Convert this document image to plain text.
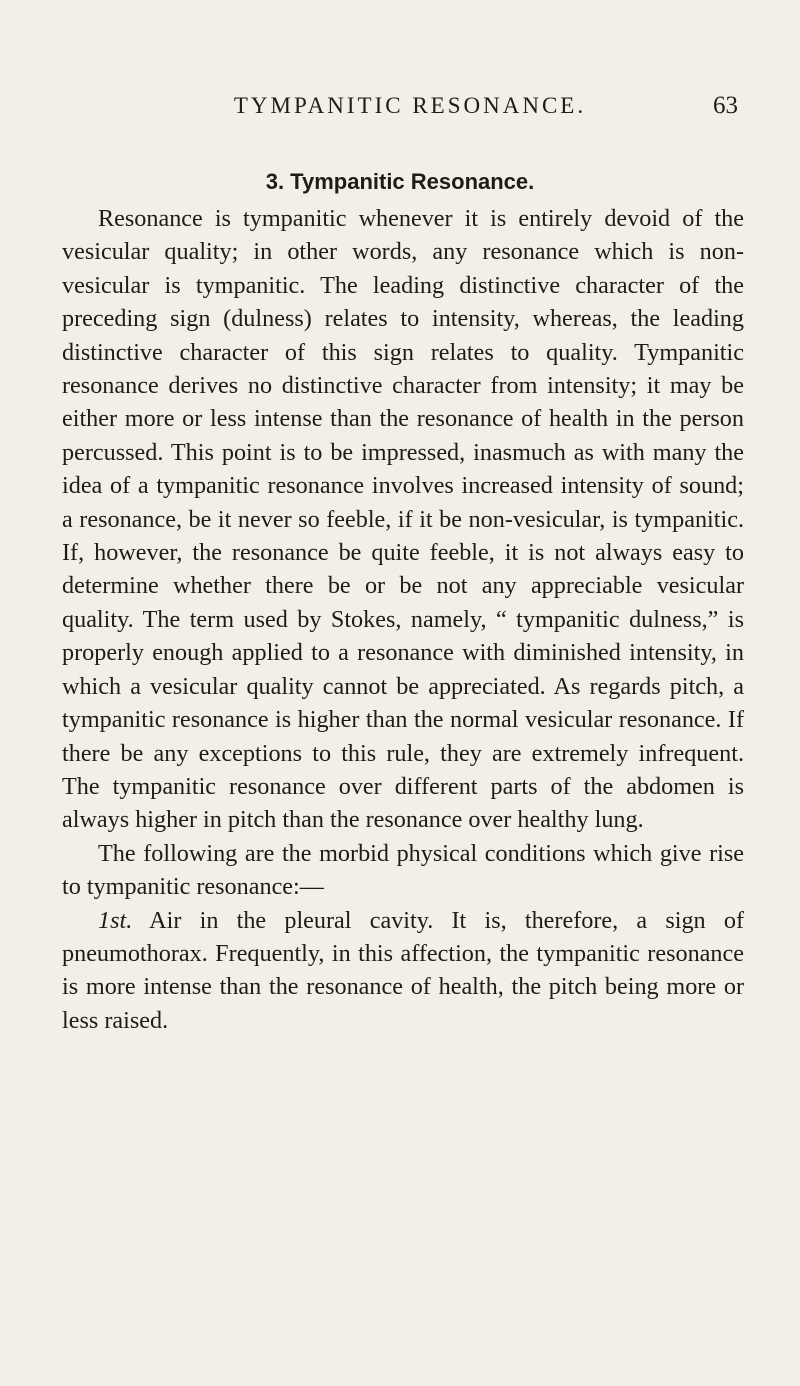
TYMPANITIC RESONANCE.	63
3. Tympanitic Resonance.

Resonance is tympanitic whenever it is entirely devoid of the vesicular quality; in other words, any resonance which is non-vesicular is tympanitic. The leading distinctive character of the preceding sign (dulness) relates to intensity, whereas, the leading distinctive character of this sign relates to quality. Tympanitic resonance derives no distinctive character from intensity; it may be either more or less intense than the resonance of health in the person percussed. This point is to be impressed, inasmuch as with many the idea of a tympanitic resonance involves increased intensity of sound; a resonance, be it never so feeble, if it be non-vesicular, is tympanitic. If, however, the resonance be quite feeble, it is not always easy to determine whether there be or be not any appreciable vesicular quality. The term used by Stokes, namely, “ tympanitic dulness,” is properly enough applied to a resonance with diminished intensity, in which a vesicular quality cannot be appreciated. As regards pitch, a tympanitic resonance is higher than the normal vesicular resonance. If there be any exceptions to this rule, they are extremely infrequent. The tympanitic resonance over different parts of the abdomen is always higher in pitch than the resonance over healthy lung.

The following are the morbid physical conditions which give rise to tympanitic resonance:—

1st. Air in the pleural cavity. It is, therefore, a sign of pneumothorax. Frequently, in this affection, the tympanitic resonance is more intense than the resonance of health, the pitch being more or less raised.
